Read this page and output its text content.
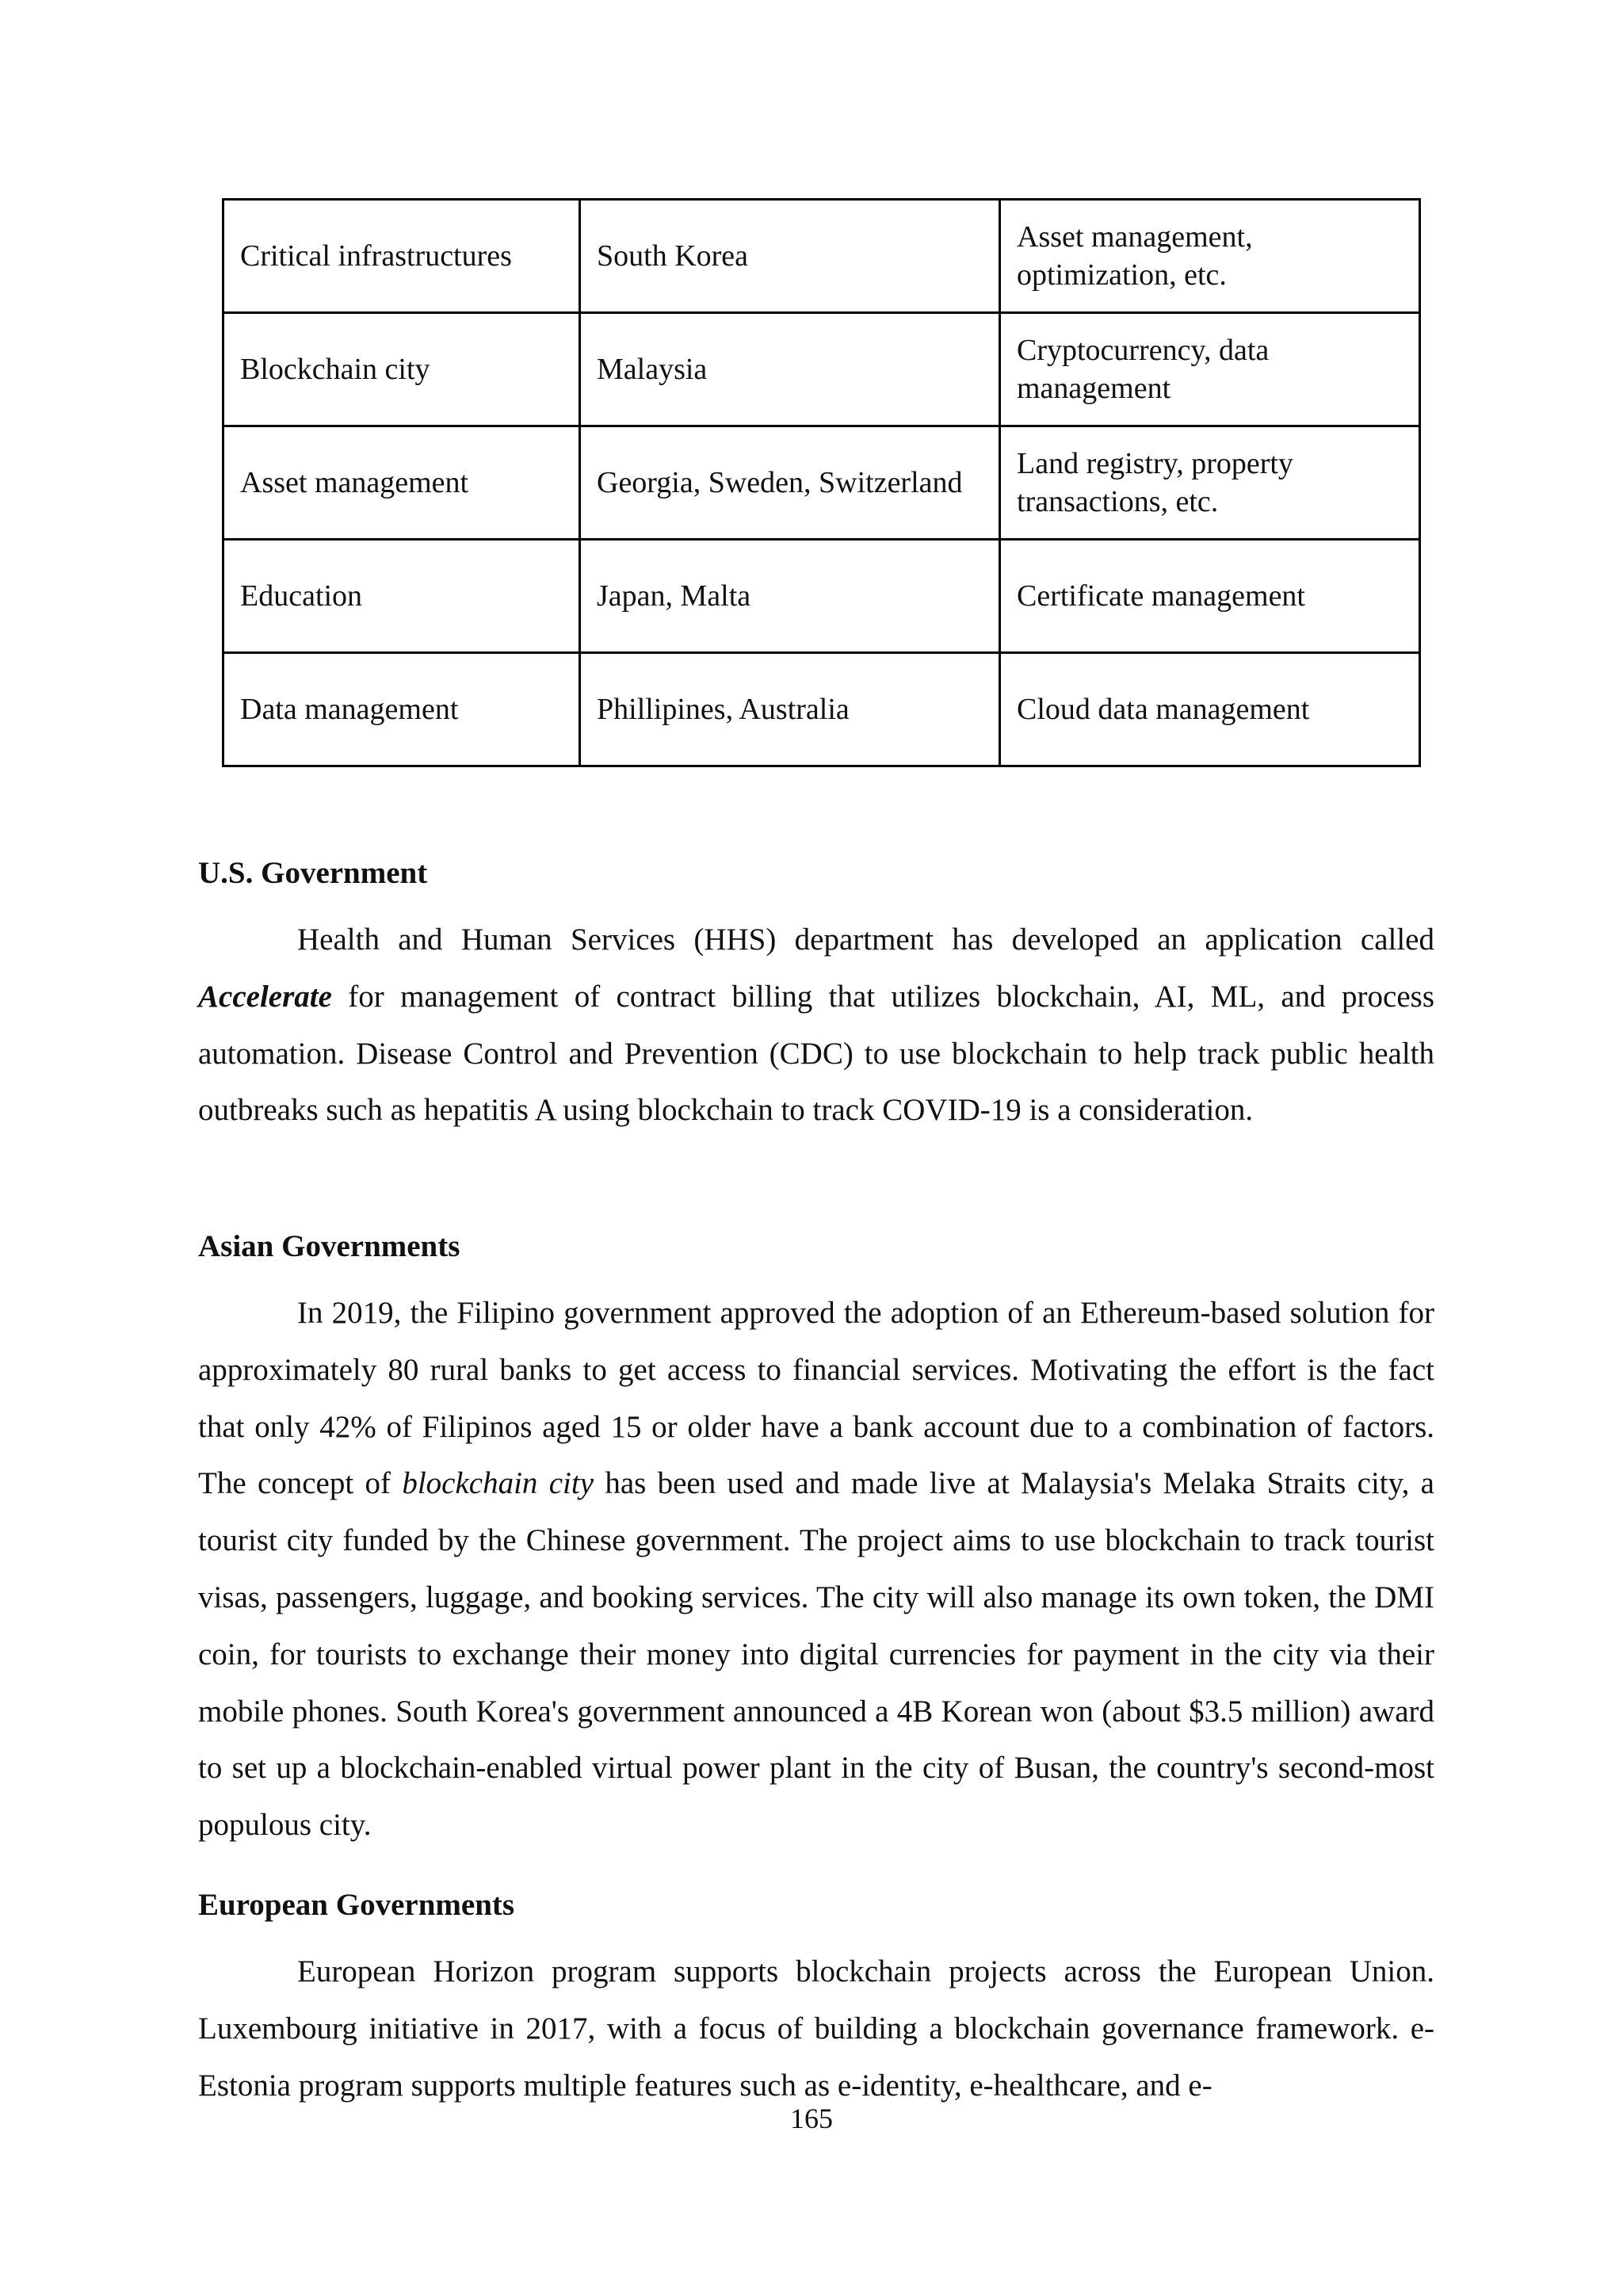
Critical infrastructures	South Korea	Asset management, optimization, etc.
Blockchain city	Malaysia	Cryptocurrency, data management
Asset management	Georgia, Sweden, Switzerland	Land registry, property transactions, etc.
Education	Japan, Malta	Certificate management
Data management	Phillipines, Australia	Cloud data management
U.S. Government

Health and Human Services (HHS) department has developed an application called Accelerate for management of contract billing that utilizes blockchain, AI, ML, and process automation. Disease Control and Prevention (CDC) to use blockchain to help track public health outbreaks such as hepatitis A using blockchain to track COVID-19 is a consideration.

Asian Governments

In 2019, the Filipino government approved the adoption of an Ethereum-based solution for approximately 80 rural banks to get access to financial services. Motivating the effort is the fact that only 42% of Filipinos aged 15 or older have a bank account due to a combination of factors. The concept of blockchain city has been used and made live at Malaysia's Melaka Straits city, a tourist city funded by the Chinese government. The project aims to use blockchain to track tourist visas, passengers, luggage, and booking services. The city will also manage its own token, the DMI coin, for tourists to exchange their money into digital currencies for payment in the city via their mobile phones. South Korea's government announced a 4B Korean won (about $3.5 million) award to set up a blockchain-enabled virtual power plant in the city of Busan, the country's second-most populous city.

European Governments

European Horizon program supports blockchain projects across the European Union. Luxembourg initiative in 2017, with a focus of building a blockchain governance framework. e-Estonia program supports multiple features such as e-identity, e-healthcare, and e-

165
